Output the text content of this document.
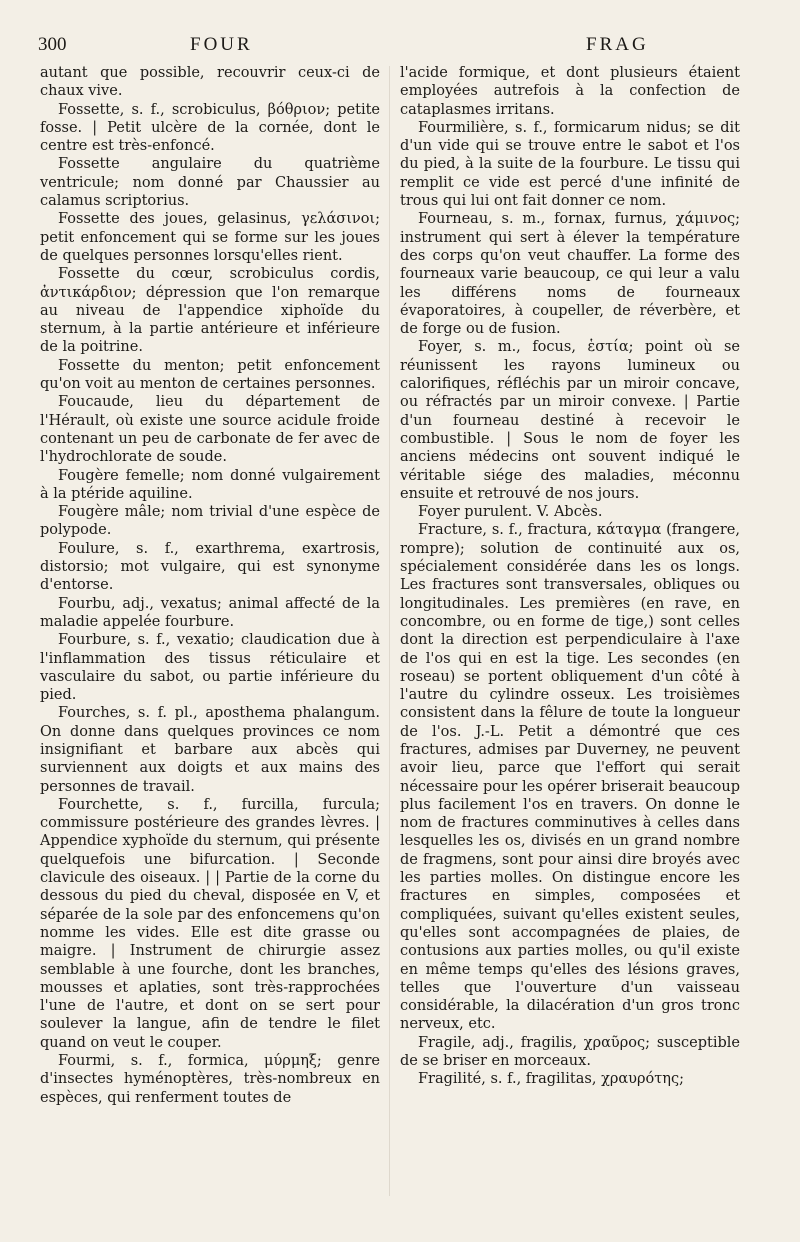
300	FOUR	FRAG

autant que possible, recouvrir ceux-ci de chaux vive.

Fossette, s. f., scrobiculus, βόθριον; petite fosse. | Petit ulcère de la cornée, dont le centre est très-enfoncé.

Fossette angulaire du quatrième ventricule; nom donné par Chaussier au calamus scriptorius.

Fossette des joues, gelasinus, γελάσινοι; petit enfoncement qui se forme sur les joues de quelques personnes lorsqu'elles rient.

Fossette du cœur, scrobiculus cordis, ἀντικάρδιον; dépression que l'on remarque au niveau de l'appendice xiphoïde du sternum, à la partie antérieure et inférieure de la poitrine.

Fossette du menton; petit enfoncement qu'on voit au menton de certaines personnes.

Foucaude, lieu du département de l'Hérault, où existe une source acidule froide contenant un peu de carbonate de fer avec de l'hydrochlorate de soude.

Fougère femelle; nom donné vulgairement à la ptéride aquiline.

Fougère mâle; nom trivial d'une espèce de polypode.

Foulure, s. f., exarthrema, exartrosis, distorsio; mot vulgaire, qui est synonyme d'entorse.

Fourbu, adj., vexatus; animal affecté de la maladie appelée fourbure.

Fourbure, s. f., vexatio; claudication due à l'inflammation des tissus réticulaire et vasculaire du sabot, ou partie inférieure du pied.

Fourches, s. f. pl., aposthema phalangum. On donne dans quelques provinces ce nom insignifiant et barbare aux abcès qui surviennent aux doigts et aux mains des personnes de travail.

Fourchette, s. f., furcilla, furcula; commissure postérieure des grandes lèvres. | Appendice xyphoïde du sternum, qui présente quelquefois une bifurcation. | Seconde clavicule des oiseaux. | | Partie de la corne du dessous du pied du cheval, disposée en V, et séparée de la sole par des enfoncemens qu'on nomme les vides. Elle est dite grasse ou maigre. | Instrument de chirurgie assez semblable à une fourche, dont les branches, mousses et aplaties, sont très-rapprochées l'une de l'autre, et dont on se sert pour soulever la langue, afin de tendre le filet quand on veut le couper.

Fourmi, s. f., formica, μύρμηξ; genre d'insectes hyménoptères, très-nombreux en espèces, qui renferment toutes de

l'acide formique, et dont plusieurs étaient employées autrefois à la confection de cataplasmes irritans.

Fourmilière, s. f., formicarum nidus; se dit d'un vide qui se trouve entre le sabot et l'os du pied, à la suite de la fourbure. Le tissu qui remplit ce vide est percé d'une infinité de trous qui lui ont fait donner ce nom.

Fourneau, s. m., fornax, furnus, χάμινος; instrument qui sert à élever la température des corps qu'on veut chauffer. La forme des fourneaux varie beaucoup, ce qui leur a valu les différens noms de fourneaux évaporatoires, à coupeller, de réverbère, et de forge ou de fusion.

Foyer, s. m., focus, ἑστία; point où se réunissent les rayons lumineux ou calorifiques, réfléchis par un miroir concave, ou réfractés par un miroir convexe. | Partie d'un fourneau destiné à recevoir le combustible. | Sous le nom de foyer les anciens médecins ont souvent indiqué le véritable siége des maladies, méconnu ensuite et retrouvé de nos jours.

Foyer purulent. V. Abcès.

Fracture, s. f., fractura, κάταγμα (frangere, rompre); solution de continuité aux os, spécialement considérée dans les os longs. Les fractures sont transversales, obliques ou longitudinales. Les premières (en rave, en concombre, ou en forme de tige,) sont celles dont la direction est perpendiculaire à l'axe de l'os qui en est la tige. Les secondes (en roseau) se portent obliquement d'un côté à l'autre du cylindre osseux. Les troisièmes consistent dans la fêlure de toute la longueur de l'os. J.-L. Petit a démontré que ces fractures, admises par Duverney, ne peuvent avoir lieu, parce que l'effort qui serait nécessaire pour les opérer briserait beaucoup plus facilement l'os en travers. On donne le nom de fractures comminutives à celles dans lesquelles les os, divisés en un grand nombre de fragmens, sont pour ainsi dire broyés avec les parties molles. On distingue encore les fractures en simples, composées et compliquées, suivant qu'elles existent seules, qu'elles sont accompagnées de plaies, de contusions aux parties molles, ou qu'il existe en même temps qu'elles des lésions graves, telles que l'ouverture d'un vaisseau considérable, la dilacération d'un gros tronc nerveux, etc.

Fragile, adj., fragilis, χραῦρος; susceptible de se briser en morceaux.

Fragilité, s. f., fragilitas, χραυρότης;
